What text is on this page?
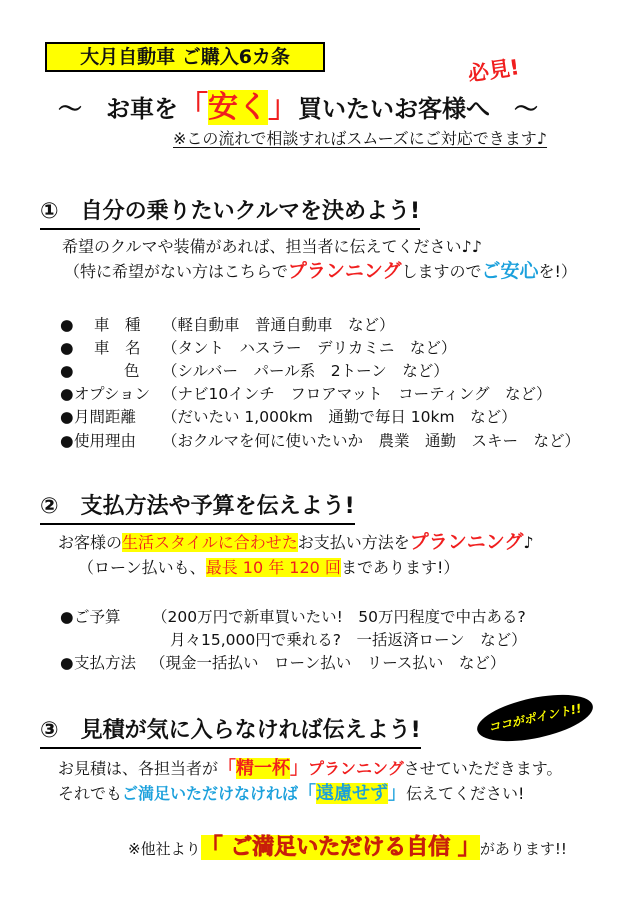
大月自動車 ご購入6カ条	必見!
～　お車を「安く」買いたいお客様へ　～
※この流れで相談すればスムーズにご対応できます♪
①　自分の乗りたいクルマを決めよう!
希望のクルマや装備があれば、担当者に伝えてください♪♪
（特に希望がない方はこちらでプランニングしますのでご安心を!）
● 車　種 （軽自動車　普通自動車　など）
● 車　名 （タント　ハスラー　デリカミニ　など）
●	色 （シルバー　パール系　2トーン　など）
● オプション （ナビ10インチ　フロアマット　コーティング　など）
● 月間距離 （だいたい 1,000km　通勤で毎日 10km　など）
● 使用理由 （おクルマを何に使いたいか　農業　通勤　スキー　など）
②　支払方法や予算を伝えよう!
お客様の生活スタイルに合わせたお支払い方法をプランニング♪
（ローン払いも、最長 10 年 120 回まであります!）
● ご予算 （200万円で新車買いたい!　50万円程度で中古ある?
月々15,000円で乗れる?　一括返済ローン　など）
● 支払方法 （現金一括払い　ローン払い　リース払い　など）
③　見積が気に入らなければ伝えよう!	ココがポイント!!
お見積は、各担当者が「精一杯」プランニングさせていただきます。
それでもご満足いただけなければ「遠慮せず」伝えてください!
※他社より「 ご満足いただける自信 」があります!!
